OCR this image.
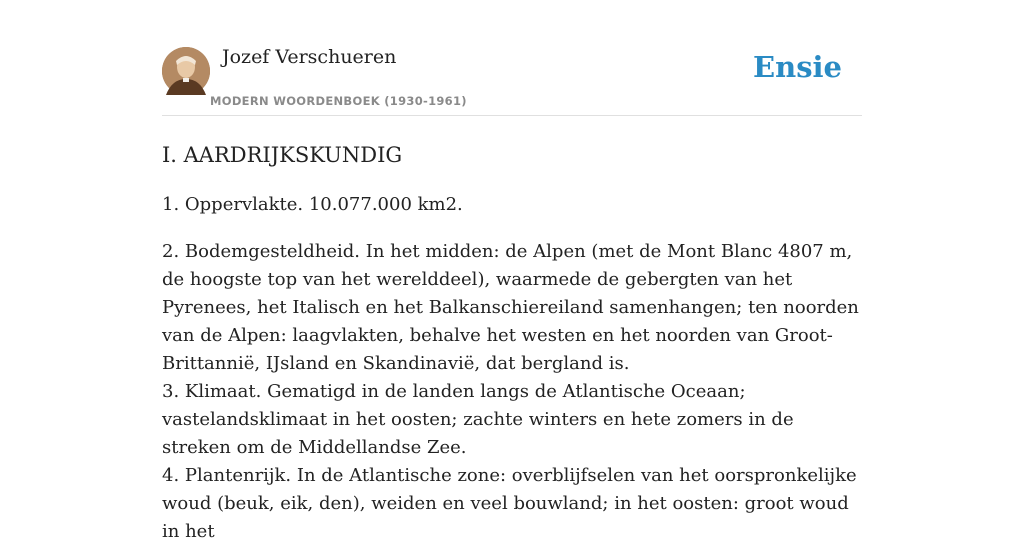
Jozef Verschueren
MODERN WOORDENBOEK (1930-1961)
Ensie
I. AARDRIJKSKUNDIG

1. Oppervlakte. 10.077.000 km2.

2. Bodemgesteldheid. In het midden: de Alpen (met de Mont Blanc 4807 m, de hoogste top van het werelddeel), waarmede de gebergten van het Pyrenees, het Italisch en het Balkanschiereiland samenhangen; ten noorden van de Alpen: laagvlakten, behalve het westen en het noorden van Groot-Brittannië, IJsland en Skandinavië, dat bergland is.

3. Klimaat. Gematigd in de landen langs de Atlantische Oceaan; vastelandsklimaat in het oosten; zachte winters en hete zomers in de streken om de Middellandse Zee.

4. Plantenrijk. In de Atlantische zone: overblijfselen van het oorspronkelijke woud (beuk, eik, den), weiden en veel bouwland; in het oosten: groot woud in het
